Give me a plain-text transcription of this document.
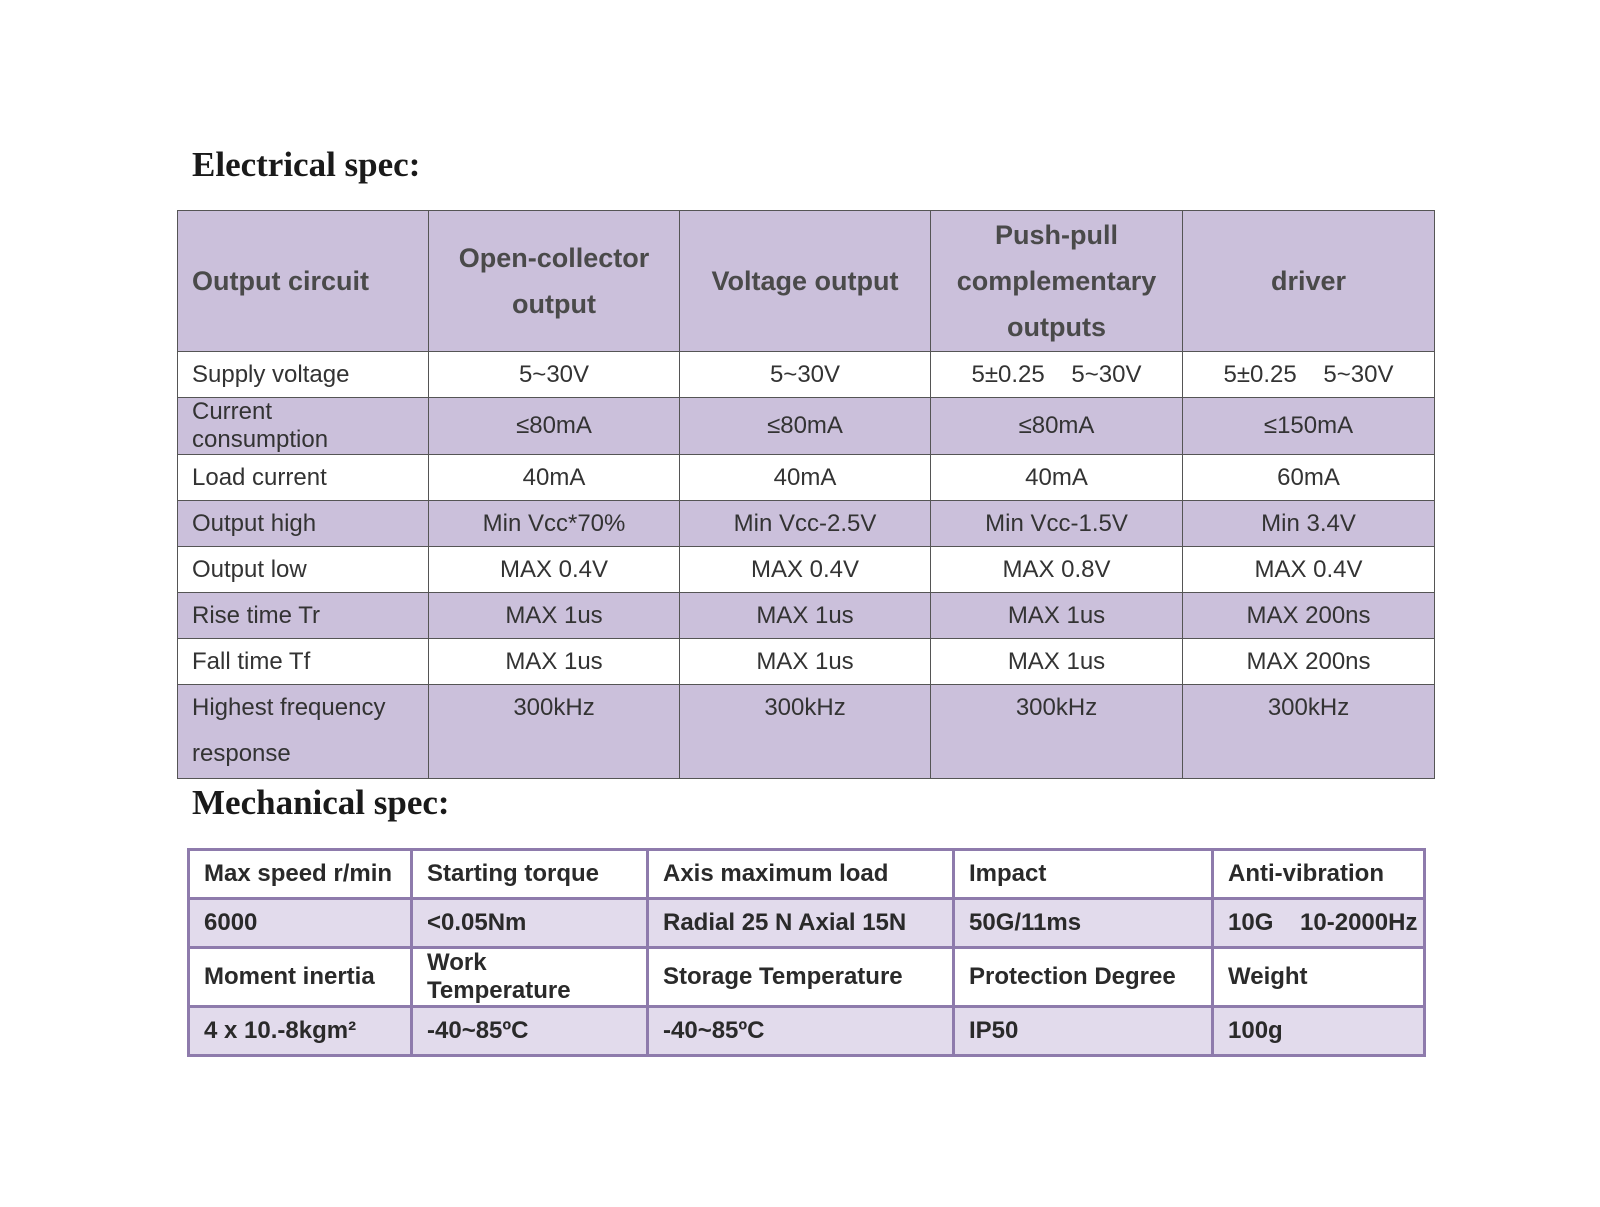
Electrical spec:
Output circuit	Open-collector output	Voltage output	Push-pull complementary outputs	driver
Supply voltage	5~30V	5~30V	5±0.25    5~30V	5±0.25    5~30V
Current consumption	≤80mA	≤80mA	≤80mA	≤150mA
Load current	40mA	40mA	40mA	60mA
Output high	Min Vcc*70%	Min Vcc-2.5V	Min Vcc-1.5V	Min 3.4V
Output low	MAX 0.4V	MAX 0.4V	MAX 0.8V	MAX 0.4V
Rise time Tr	MAX 1us	MAX 1us	MAX 1us	MAX 200ns
Fall time Tf	MAX 1us	MAX 1us	MAX 1us	MAX 200ns
Highest frequency response	300kHz	300kHz	300kHz	300kHz
Mechanical spec:
Max speed r/min	Starting torque	Axis maximum load	Impact	Anti-vibration
6000	<0.05Nm	Radial 25 N Axial 15N	50G/11ms	10G    10-2000Hz
Moment inertia	Work Temperature	Storage Temperature	Protection Degree	Weight
4 x 10.-8kgm²	-40~85ºC	-40~85ºC	IP50	100g
